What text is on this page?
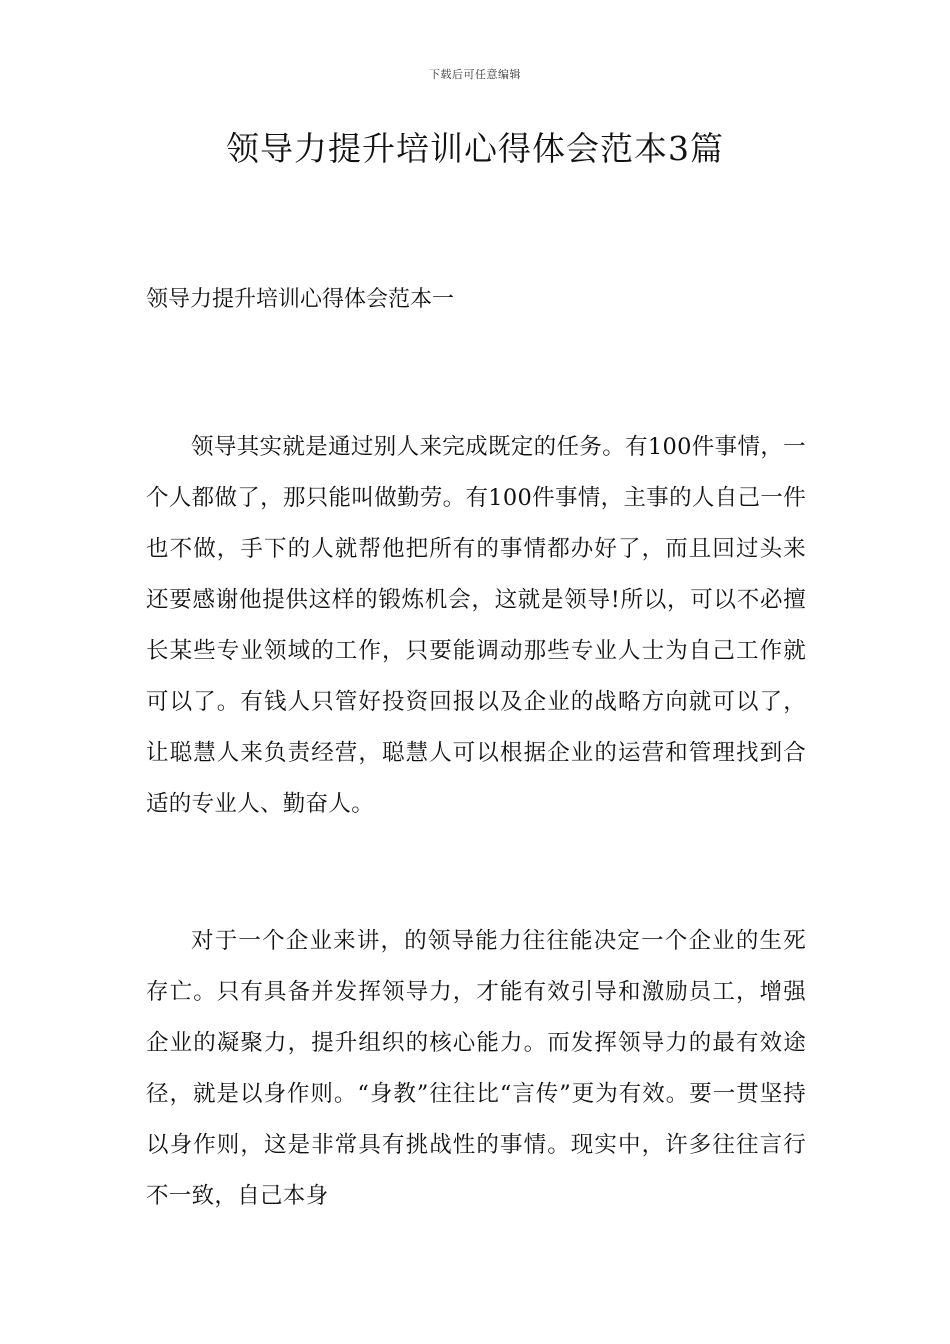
下载后可任意编辑
领导力提升培训心得体会范本3篇
领导力提升培训心得体会范本一

领导其实就是通过别人来完成既定的任务。有100件事情，一个人都做了，那只能叫做勤劳。有100件事情，主事的人自己一件也不做，手下的人就帮他把所有的事情都办好了，而且回过头来还要感谢他提供这样的锻炼机会，这就是领导!所以，可以不必擅长某些专业领域的工作，只要能调动那些专业人士为自己工作就可以了。有钱人只管好投资回报以及企业的战略方向就可以了，让聪慧人来负责经营，聪慧人可以根据企业的运营和管理找到合适的专业人、勤奋人。

对于一个企业来讲，的领导能力往往能决定一个企业的生死存亡。只有具备并发挥领导力，才能有效引导和激励员工，增强企业的凝聚力，提升组织的核心能力。而发挥领导力的最有效途径，就是以身作则。“身教”往往比“言传”更为有效。要一贯坚持以身作则，这是非常具有挑战性的事情。现实中，许多往往言行不一致，自己本身
